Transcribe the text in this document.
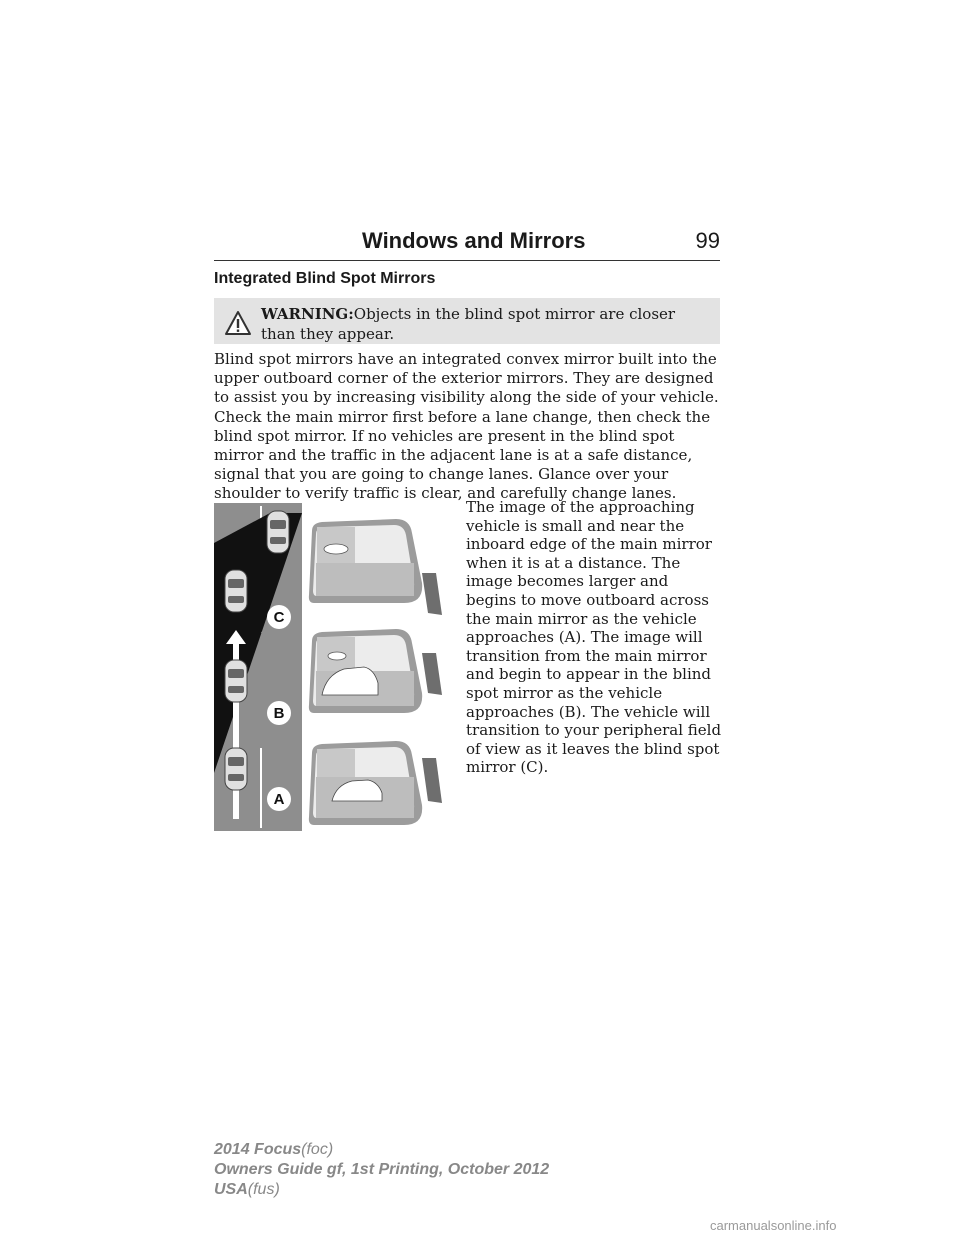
Windows and Mirrors	99
Integrated Blind Spot Mirrors
WARNING:Objects in the blind spot mirror are closer than they appear.

Blind spot mirrors have an integrated convex mirror built into the upper outboard corner of the exterior mirrors. They are designed to assist you by increasing visibility along the side of your vehicle.

Check the main mirror first before a lane change, then check the blind spot mirror. If no vehicles are present in the blind spot mirror and the traffic in the adjacent lane is at a safe distance, signal that you are going to change lanes. Glance over your shoulder to verify traffic is clear, and carefully change lanes.

C
B
A

The image of the approaching vehicle is small and near the inboard edge of the main mirror when it is at a distance. The image becomes larger and begins to move outboard across the main mirror as the vehicle approaches (A). The image will transition from the main mirror and begin to appear in the blind spot mirror as the vehicle approaches (B). The vehicle will transition to your peripheral field of view as it leaves the blind spot mirror (C).

2014 Focus(foc)
Owners Guide gf, 1st Printing, October 2012
USA(fus)
carmanualsonline.info
